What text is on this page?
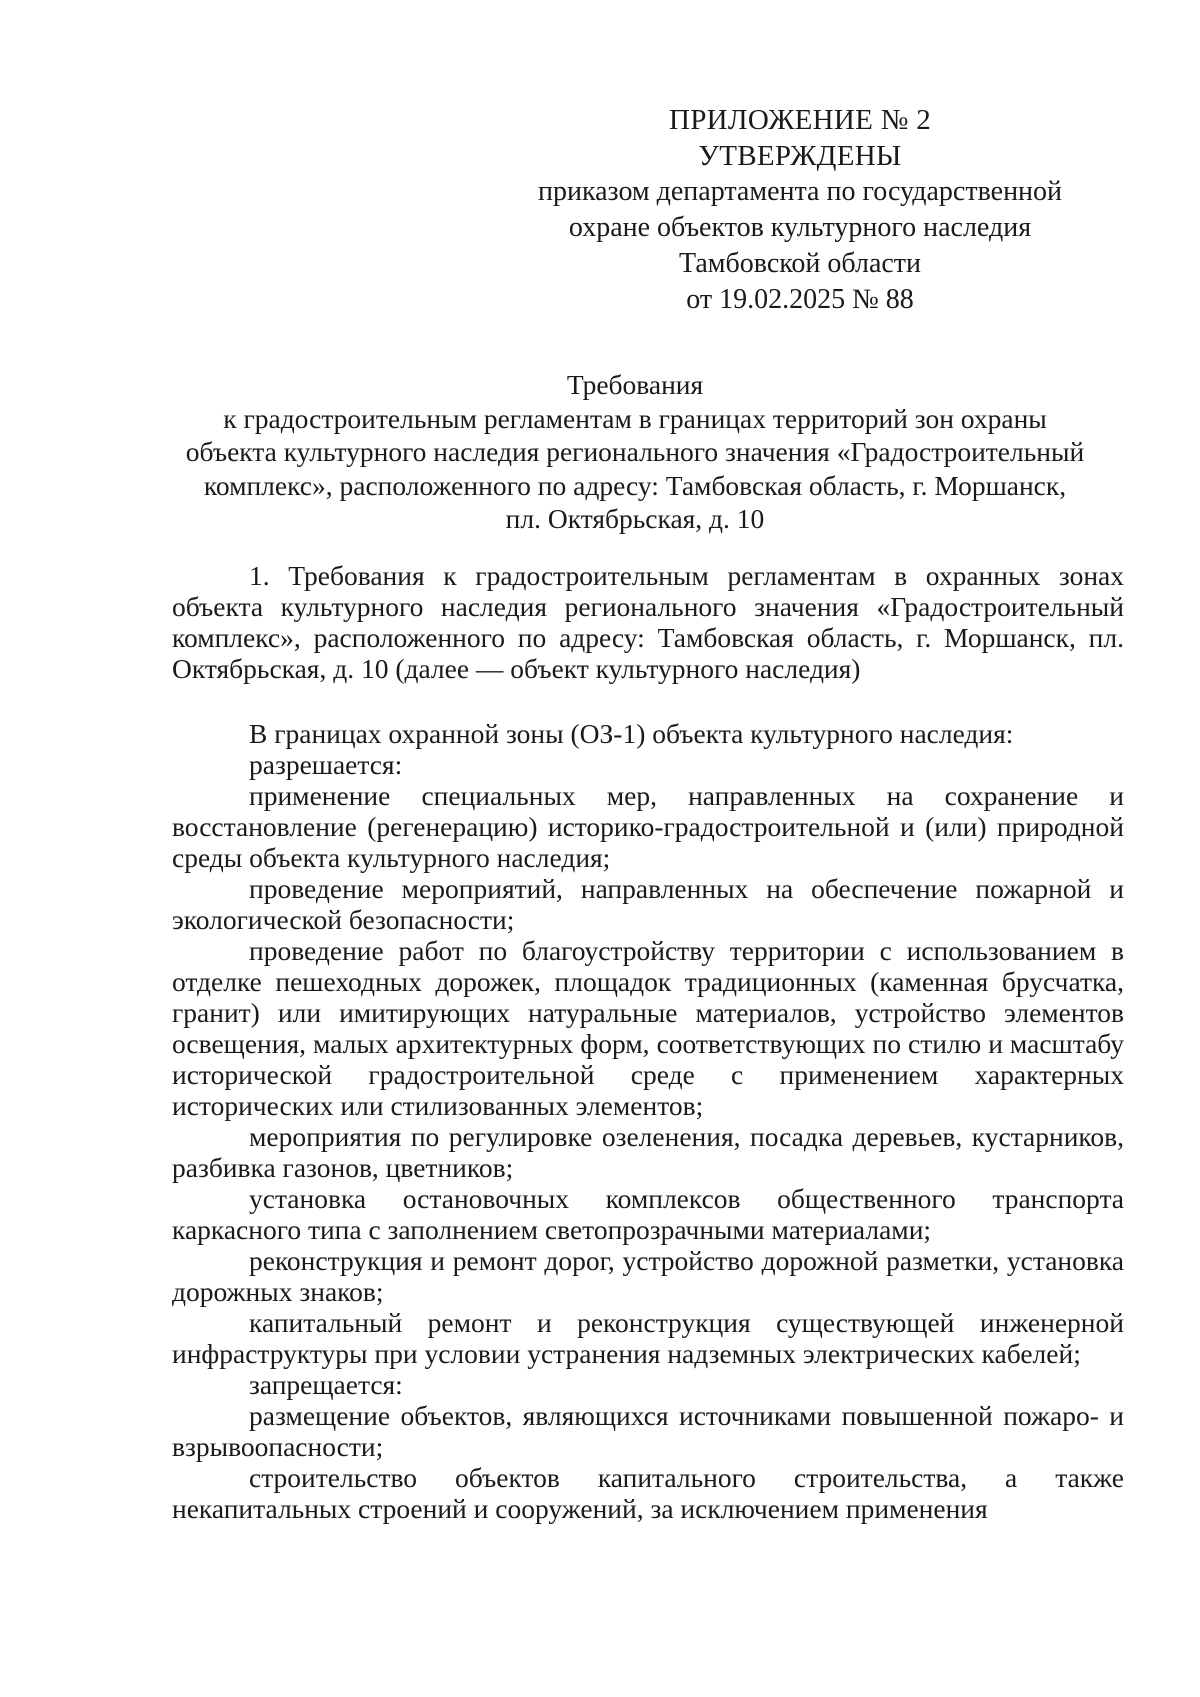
ПРИЛОЖЕНИЕ № 2
УТВЕРЖДЕНЫ
приказом департамента по государственной
охране объектов культурного наследия
Тамбовской области
от 19.02.2025 № 88
Требования
к градостроительным регламентам в границах территорий зон охраны
объекта культурного наследия регионального значения «Градостроительный
комплекс», расположенного по адресу: Тамбовская область, г. Моршанск,
пл. Октябрьская, д. 10

1. Требования к градостроительным регламентам в охранных зонах объекта культурного наследия регионального значения «Градостроительный комплекс», расположенного по адресу: Тамбовская область, г. Моршанск, пл. Октябрьская, д. 10 (далее — объект культурного наследия)

В границах охранной зоны (ОЗ-1) объекта культурного наследия:

разрешается:

применение специальных мер, направленных на сохранение и восстановление (регенерацию) историко-градостроительной и (или) природной среды объекта культурного наследия;

проведение мероприятий, направленных на обеспечение пожарной и экологической безопасности;

проведение работ по благоустройству территории с использованием в отделке пешеходных дорожек, площадок традиционных (каменная брусчатка, гранит) или имитирующих натуральные материалов, устройство элементов освещения, малых архитектурных форм, соответствующих по стилю и масштабу исторической градостроительной среде с применением характерных исторических или стилизованных элементов;

мероприятия по регулировке озеленения, посадка деревьев, кустарников, разбивка газонов, цветников;

установка остановочных комплексов общественного транспорта каркасного типа с заполнением светопрозрачными материалами;

реконструкция и ремонт дорог, устройство дорожной разметки, установка дорожных знаков;

капитальный ремонт и реконструкция существующей инженерной инфраструктуры при условии устранения надземных электрических кабелей;

запрещается:

размещение объектов, являющихся источниками повышенной пожаро- и взрывоопасности;

строительство объектов капитального строительства, а также некапитальных строений и сооружений, за исключением применения
